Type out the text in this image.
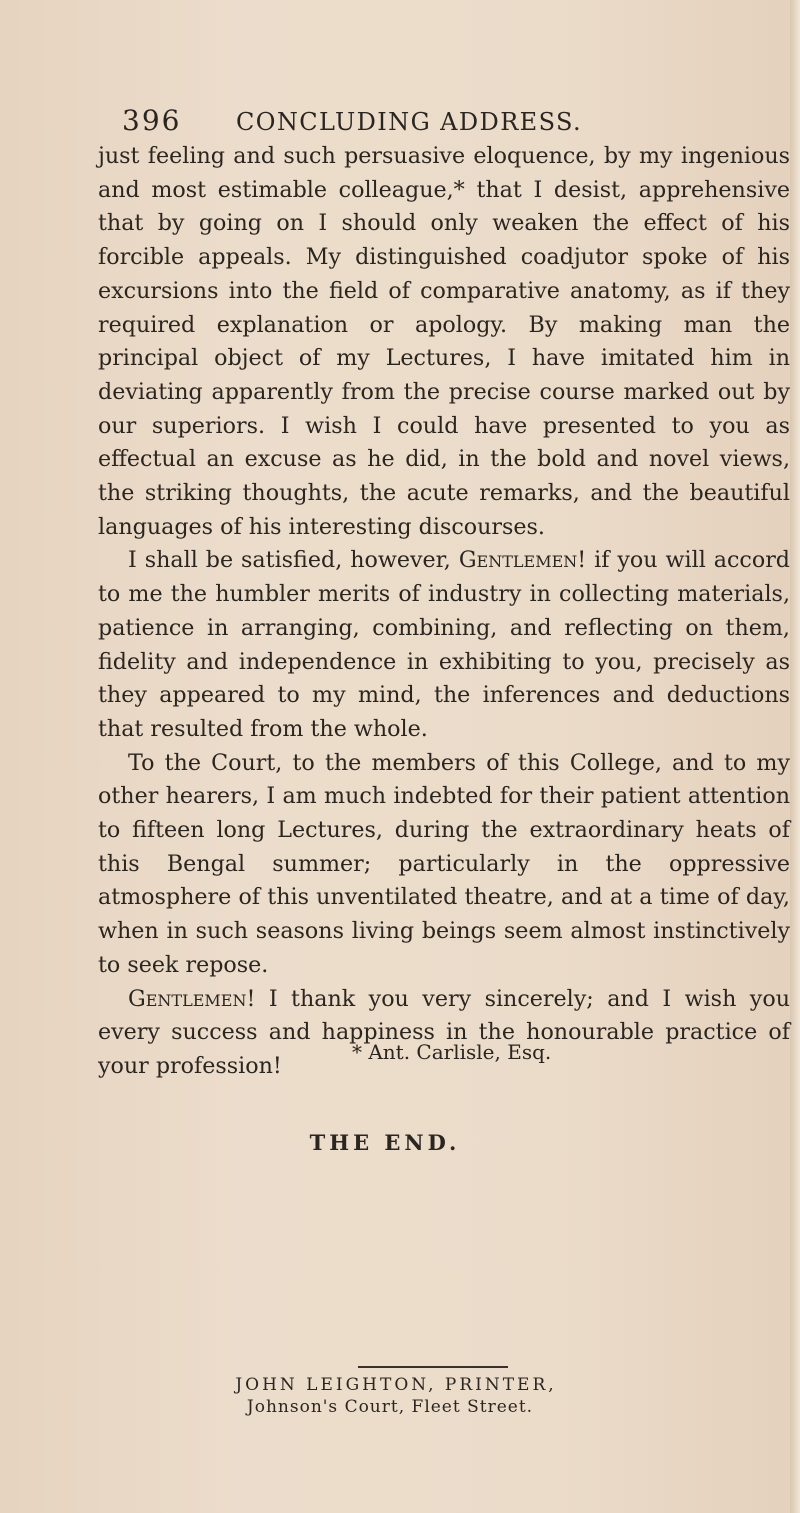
396 CONCLUDING ADDRESS.

just feeling and such persuasive eloquence, by my ingenious and most estimable colleague,* that I desist, apprehensive that by going on I should only weaken the effect of his forcible appeals. My distinguished coadjutor spoke of his excursions into the field of comparative anatomy, as if they required explanation or apology. By making man the principal object of my Lectures, I have imitated him in deviating apparently from the precise course marked out by our superiors. I wish I could have presented to you as effectual an excuse as he did, in the bold and novel views, the striking thoughts, the acute remarks, and the beautiful languages of his interesting discourses.

I shall be satisfied, however, Gentlemen! if you will accord to me the humbler merits of industry in collecting materials, patience in arranging, combining, and reflecting on them, fidelity and independence in exhibiting to you, precisely as they appeared to my mind, the inferences and deductions that resulted from the whole.

To the Court, to the members of this College, and to my other hearers, I am much indebted for their patient attention to fifteen long Lectures, during the extraordinary heats of this Bengal summer; particularly in the oppressive atmosphere of this unventilated theatre, and at a time of day, when in such seasons living beings seem almost instinctively to seek repose.

Gentlemen! I thank you very sincerely; and I wish you every success and happiness in the honourable practice of your profession!

* Ant. Carlisle, Esq.
THE END.
JOHN LEIGHTON, PRINTER,
Johnson's Court, Fleet Street.
